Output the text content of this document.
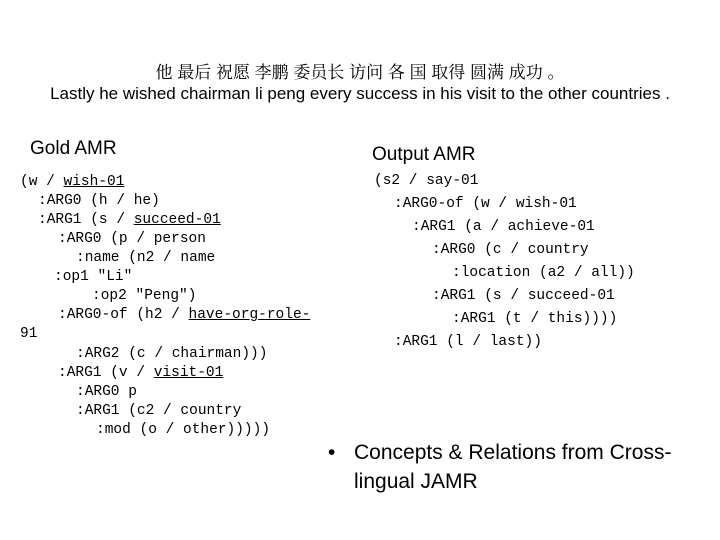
他 最后 祝愿 李鹏 委员长 访问 各 国 取得 圆满 成功 。
Lastly he wished chairman li peng every success in his visit to the other countries .
Gold AMR	Output AMR

(w / wish-01

:ARG0 (h / he)

:ARG1 (s / succeed-01

:ARG0 (p / person

:name (n2 / name

:op1 "Li"

:op2 "Peng")

:ARG0-of (h2 / have-org-role-

91

:ARG2 (c / chairman)))

:ARG1 (v / visit-01

:ARG0 p

:ARG1 (c2 / country

:mod (o / other)))))

(s2 / say-01

:ARG0-of (w / wish-01

:ARG1 (a / achieve-01

:ARG0 (c / country

:location (a2 / all))

:ARG1 (s / succeed-01

:ARG1 (t / this))))

:ARG1 (l / last))

• Concepts & Relations from Cross-lingual JAMR
